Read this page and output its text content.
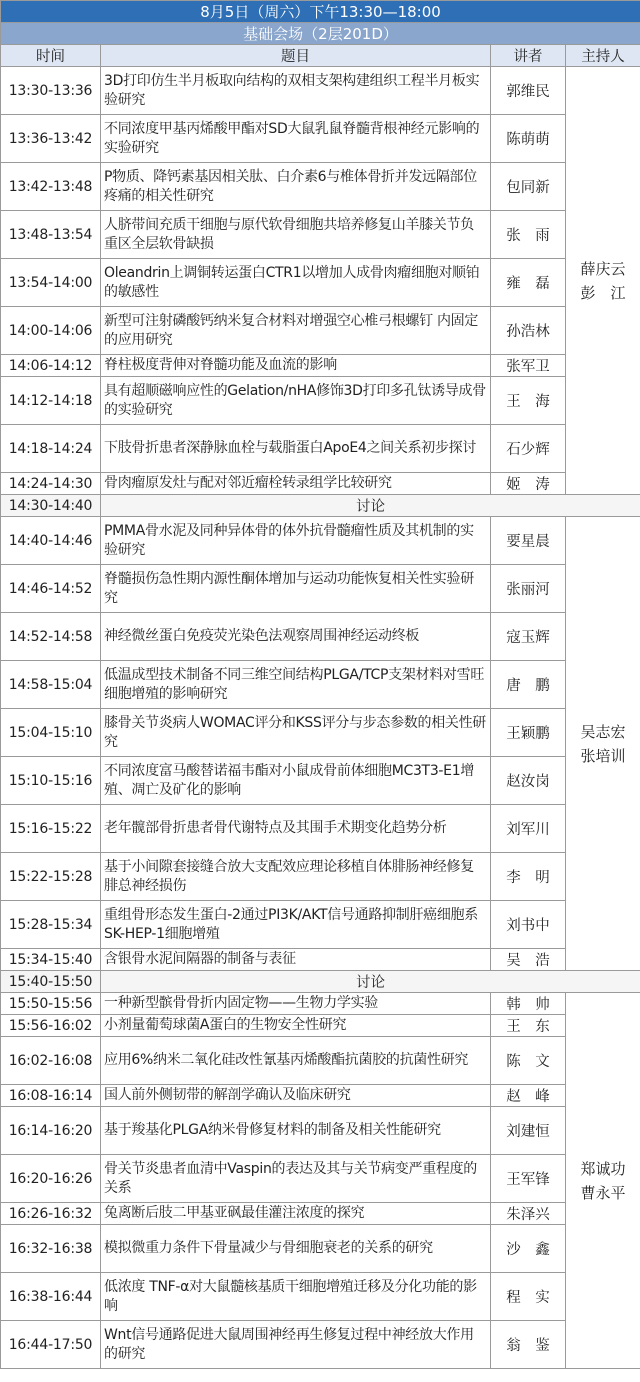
8月5日（周六）下午13:30—18:00			
基础会场（2层201D）			
时间	题目	讲者	主持人
13:30-13:36	3D打印仿生半月板取向结构的双相支架构建组织工程半月板实验研究	郭维民	薛庆云
彭　江

13:36-13:42	不同浓度甲基丙烯酸甲酯对SD大鼠乳鼠脊髓背根神经元影响的实验研究	陈萌萌	
13:42-13:48	P物质、降钙素基因相关肽、白介素6与椎体骨折并发远隔部位疼痛的相关性研究	包同新	
13:48-13:54	人脐带间充质干细胞与原代软骨细胞共培养修复山羊膝关节负重区全层软骨缺损	张　雨	
13:54-14:00	Oleandrin上调铜转运蛋白CTR1以增加人成骨肉瘤细胞对顺铂的敏感性	雍　磊	
14:00-14:06	新型可注射磷酸钙纳米复合材料对增强空心椎弓根螺钉 内固定的应用研究	孙浩林	
14:06-14:12	脊柱极度背伸对脊髓功能及血流的影响	张军卫	
14:12-14:18	具有超顺磁响应性的Gelation/nHA修饰3D打印多孔钛诱导成骨的实验研究	王　海	
14:18-14:24	下肢骨折患者深静脉血栓与载脂蛋白ApoE4之间关系初步探讨	石少辉	
14:24-14:30	骨肉瘤原发灶与配对邻近瘤栓转录组学比较研究	姬　涛	
14:30-14:40	讨论		
14:40-14:46	PMMA骨水泥及同种异体骨的体外抗骨髓瘤性质及其机制的实验研究	要星晨	吴志宏
张培训

14:46-14:52	脊髓损伤急性期内源性酮体增加与运动功能恢复相关性实验研究	张丽河	
14:52-14:58	神经微丝蛋白免疫荧光染色法观察周围神经运动终板	寇玉辉	
14:58-15:04	低温成型技术制备不同三维空间结构PLGA/TCP支架材料对雪旺细胞增殖的影响研究	唐　鹏	
15:04-15:10	膝骨关节炎病人WOMAC评分和KSS评分与步态参数的相关性研究	王颖鹏	
15:10-15:16	不同浓度富马酸替诺福韦酯对小鼠成骨前体细胞MC3T3-E1增殖、凋亡及矿化的影响	赵汝岗	
15:16-15:22	老年髋部骨折患者骨代谢特点及其围手术期变化趋势分析	刘军川	
15:22-15:28	基于小间隙套接缝合放大支配效应理论移植自体腓肠神经修复腓总神经损伤	李　明	
15:28-15:34	重组骨形态发生蛋白-2通过PI3K/AKT信号通路抑制肝癌细胞系SK-HEP-1细胞增殖	刘书中	
15:34-15:40	含银骨水泥间隔器的制备与表征	吴　浩	
15:40-15:50	讨论		
15:50-15:56	一种新型髌骨骨折内固定物——生物力学实验	韩　帅	郑诚功
曹永平

15:56-16:02	小剂量葡萄球菌A蛋白的生物安全性研究	王　东	
16:02-16:08	应用6%纳米二氧化硅改性氰基丙烯酸酯抗菌胶的抗菌性研究	陈　文	
16:08-16:14	国人前外侧韧带的解剖学确认及临床研究	赵　峰	
16:14-16:20	基于羧基化PLGA纳米骨修复材料的制备及相关性能研究	刘建恒	
16:20-16:26	骨关节炎患者血清中Vaspin的表达及其与关节病变严重程度的关系	王军锋	
16:26-16:32	兔离断后肢二甲基亚砜最佳灌注浓度的探究	朱泽兴	
16:32-16:38	模拟微重力条件下骨量减少与骨细胞衰老的关系的研究	沙　鑫	
16:38-16:44	低浓度 TNF-α对大鼠髓核基质干细胞增殖迁移及分化功能的影响	程　实	
16:44-17:50	Wnt信号通路促进大鼠周围神经再生修复过程中神经放大作用的研究	翁　鉴	
